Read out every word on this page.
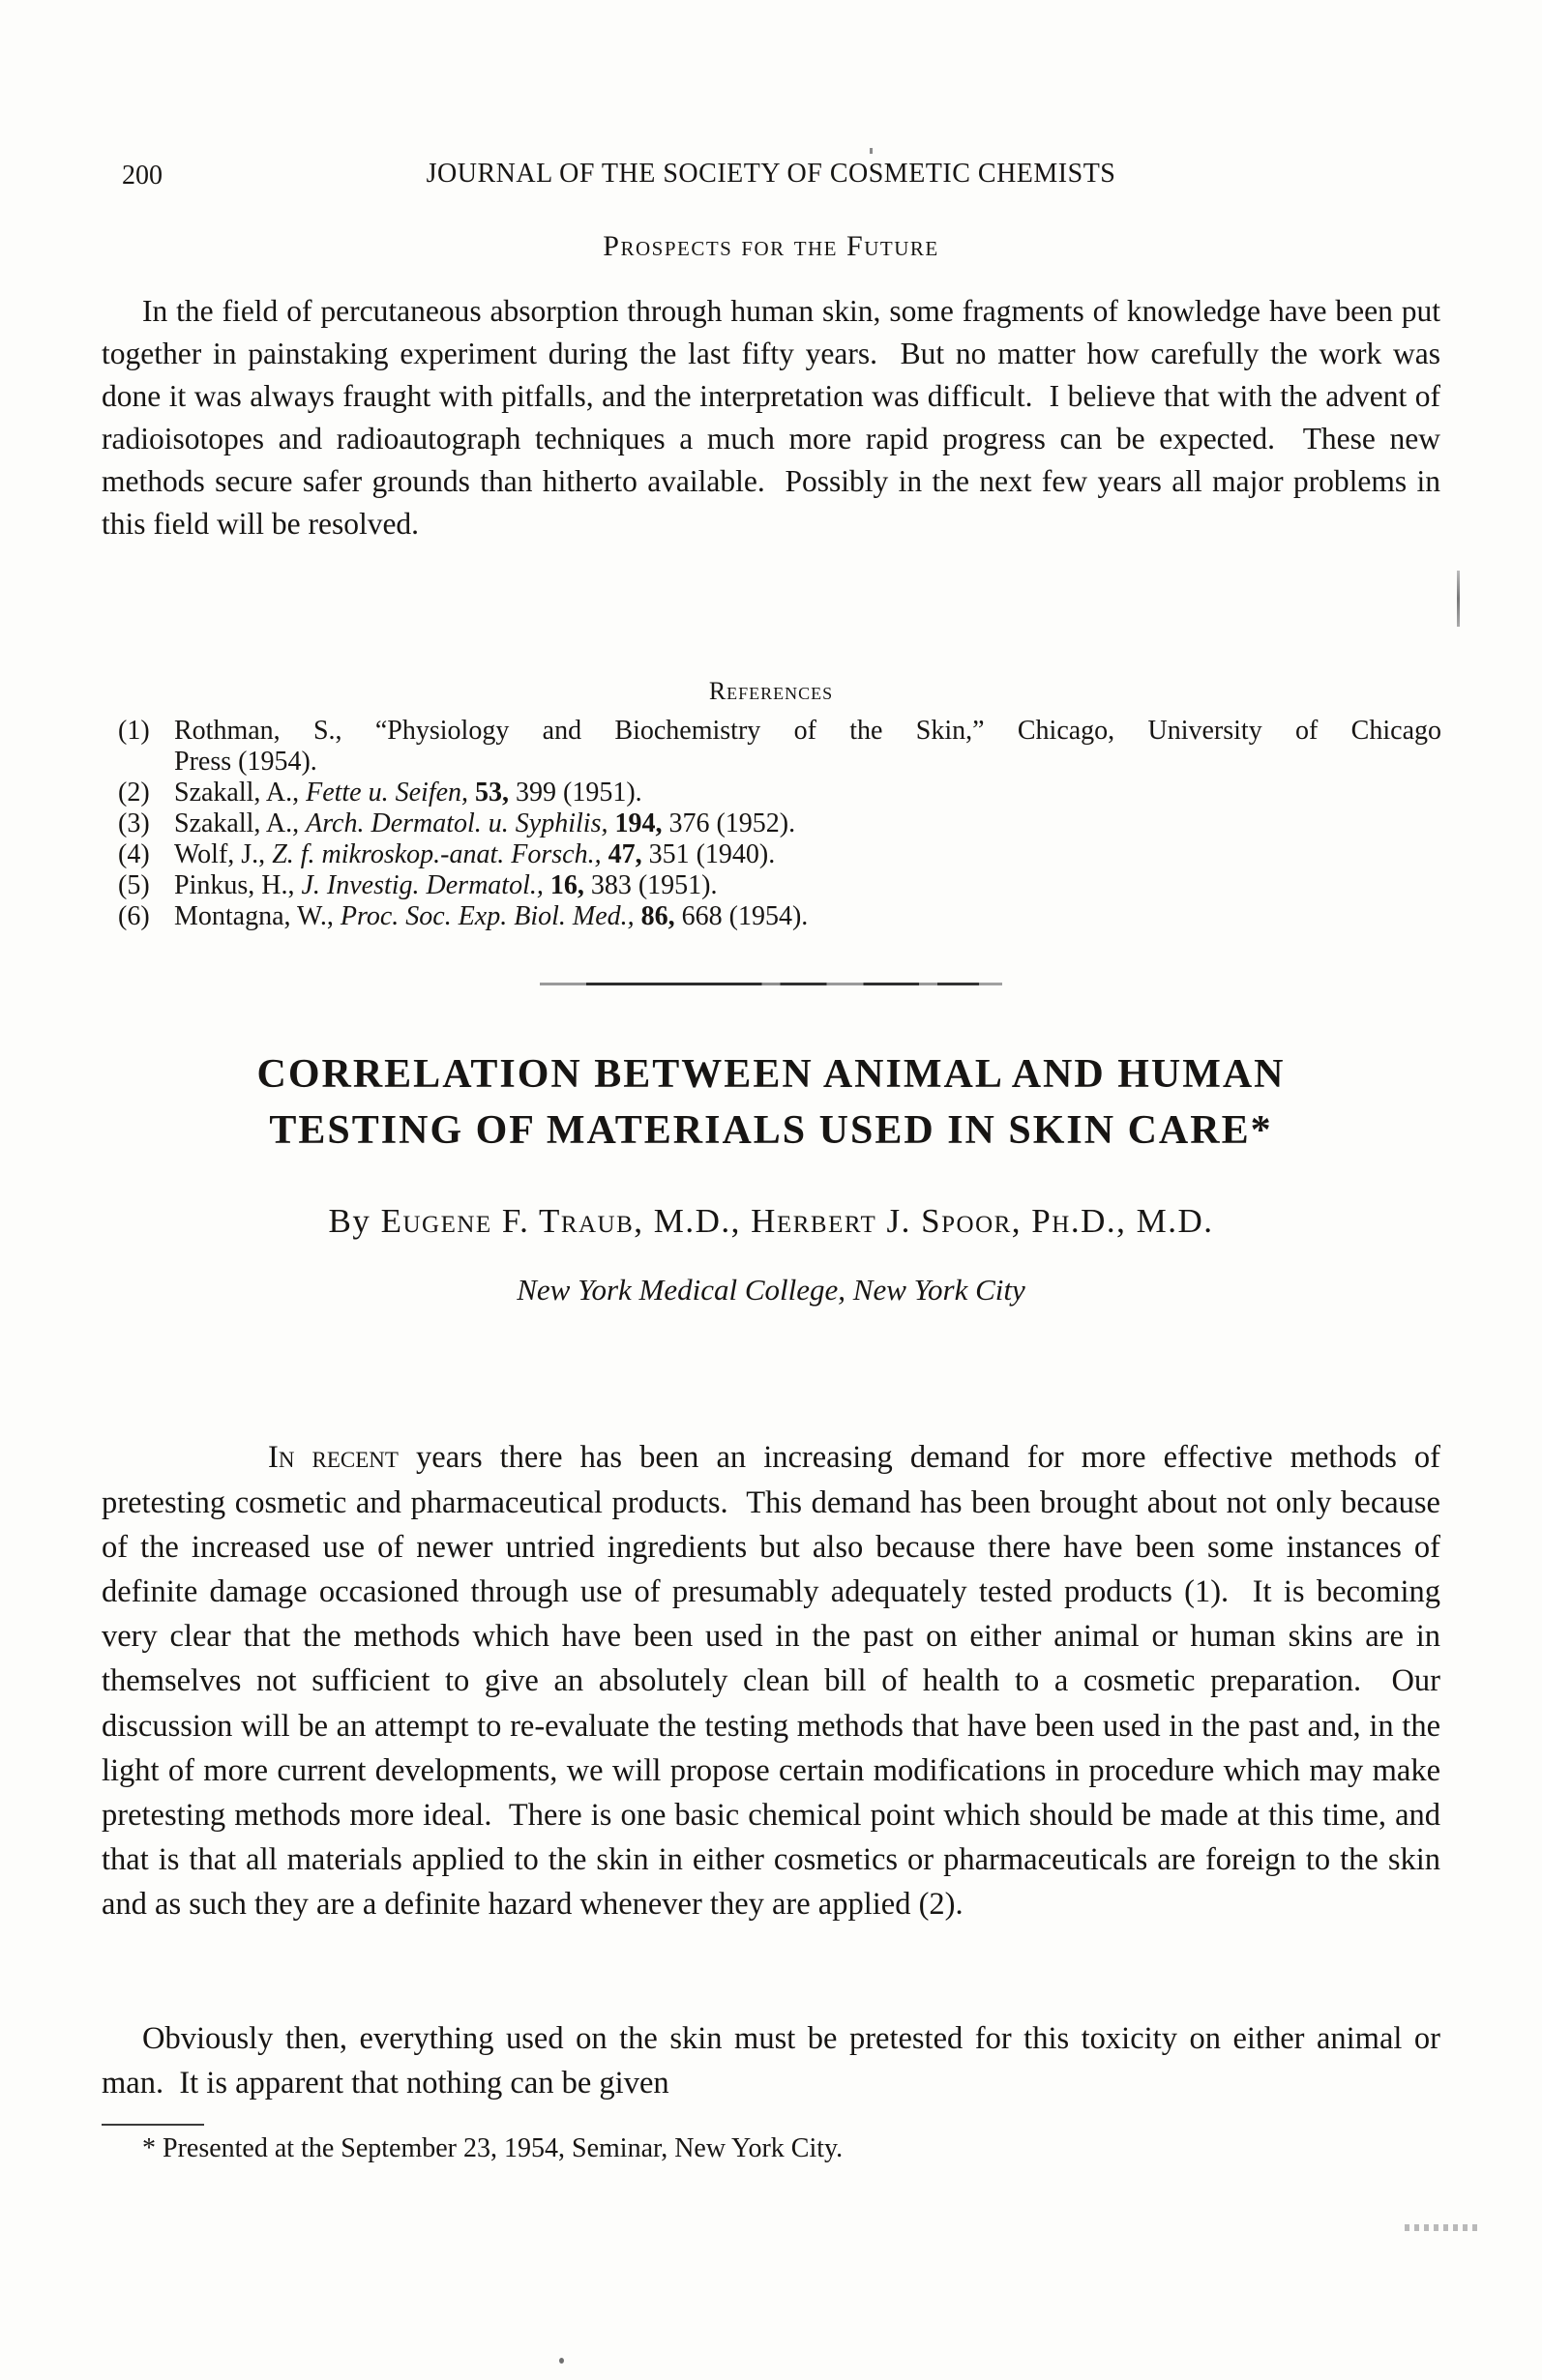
200	JOURNAL OF THE SOCIETY OF COSMETIC CHEMISTS
Prospects for the Future
In the field of percutaneous absorption through human skin, some fragments of knowledge have been put together in painstaking experiment during the last fifty years.  But no matter how carefully the work was done it was always fraught with pitfalls, and the interpretation was difficult.  I believe that with the advent of radioisotopes and radioautograph techniques a much more rapid progress can be expected.  These new methods secure safer grounds than hitherto available.  Possibly in the next few years all major problems in this field will be resolved.
References
(1) Rothman, S., “Physiology and Biochemistry of the Skin,” Chicago, University of Chicago
Press (1954).
(2) Szakall, A., Fette u. Seifen, 53, 399 (1951).
(3) Szakall, A., Arch. Dermatol. u. Syphilis, 194, 376 (1952).
(4) Wolf, J., Z. f. mikroskop.-anat. Forsch., 47, 351 (1940).
(5) Pinkus, H., J. Investig. Dermatol., 16, 383 (1951).
(6) Montagna, W., Proc. Soc. Exp. Biol. Med., 86, 668 (1954).
CORRELATION BETWEEN ANIMAL AND HUMAN
TESTING OF MATERIALS USED IN SKIN CARE*
By Eugene F. Traub, M.D., Herbert J. Spoor, Ph.D., M.D.
New York Medical College, New York City

In recent years there has been an increasing demand for more effective methods of pretesting cosmetic and pharmaceutical products.  This demand has been brought about not only because of the increased use of newer untried ingredients but also because there have been some instances of definite damage occasioned through use of presumably adequately tested products (1).  It is becoming very clear that the methods which have been used in the past on either animal or human skins are in themselves not sufficient to give an absolutely clean bill of health to a cosmetic preparation.  Our discussion will be an attempt to re-evaluate the testing methods that have been used in the past and, in the light of more current developments, we will propose certain modifications in procedure which may make pretesting methods more ideal.  There is one basic chemical point which should be made at this time, and that is that all materials applied to the skin in either cosmetics or pharmaceuticals are foreign to the skin and as such they are a definite hazard whenever they are applied (2).

Obviously then, everything used on the skin must be pretested for this toxicity on either animal or man.  It is apparent that nothing can be given

* Presented at the September 23, 1954, Seminar, New York City.
